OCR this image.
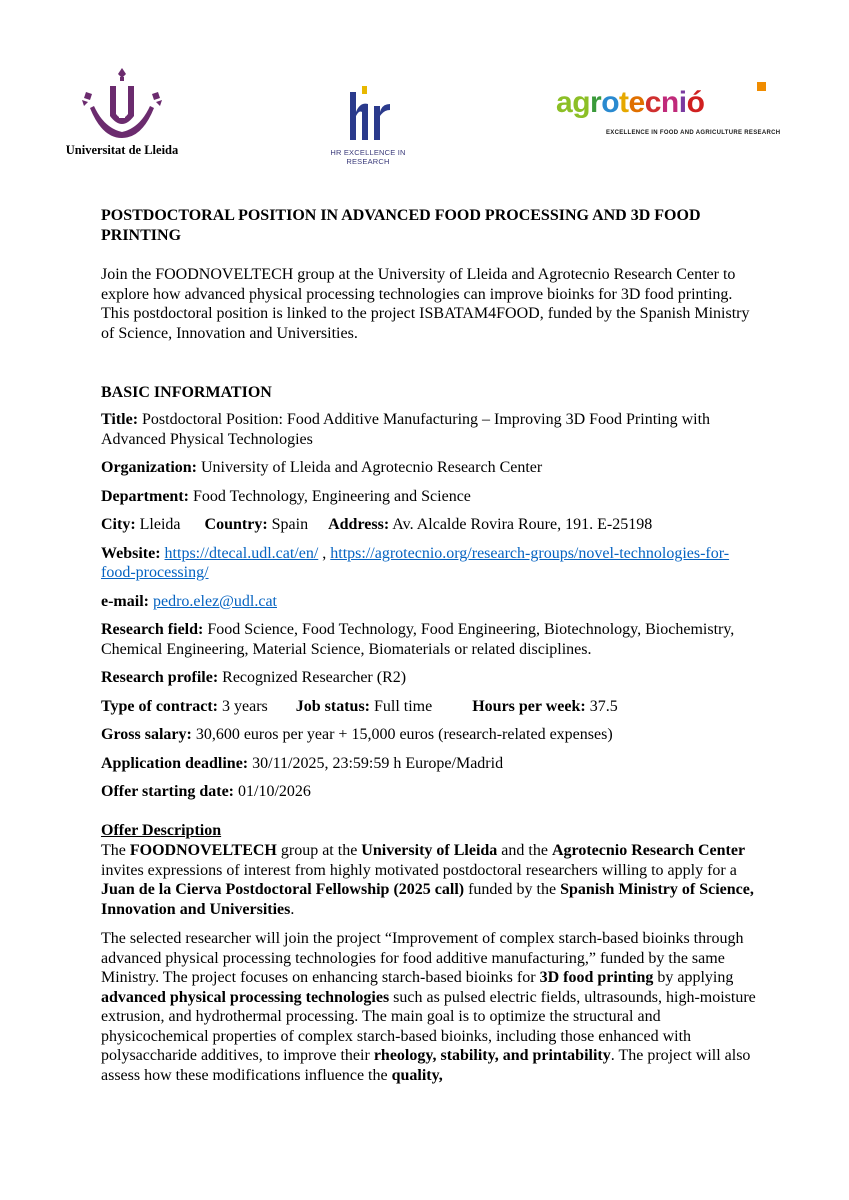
Universitat de Lleida	HR EXCELLENCE IN RESEARCH
agrotecnió
EXCELLENCE IN FOOD AND AGRICULTURE RESEARCH

POSTDOCTORAL POSITION IN ADVANCED FOOD PROCESSING AND 3D FOOD PRINTING

Join the FOODNOVELTECH group at the University of Lleida and Agrotecnio Research Center to explore how advanced physical processing technologies can improve bioinks for 3D food printing. This postdoctoral position is linked to the project ISBATAM4FOOD, funded by the Spanish Ministry of Science, Innovation and Universities.

BASIC INFORMATION

Title: Postdoctoral Position: Food Additive Manufacturing – Improving 3D Food Printing with Advanced Physical Technologies

Organization: University of Lleida and Agrotecnio Research Center

Department: Food Technology, Engineering and Science

City: Lleida Country: Spain Address: Av. Alcalde Rovira Roure, 191. E-25198

Website: https://dtecal.udl.cat/en/ , https://agrotecnio.org/research-groups/novel-technologies-for-food-processing/

e-mail: pedro.elez@udl.cat

Research field: Food Science, Food Technology, Food Engineering, Biotechnology, Biochemistry, Chemical Engineering, Material Science, Biomaterials or related disciplines.

Research profile: Recognized Researcher (R2)

Type of contract: 3 years Job status: Full time	Hours per week: 37.5

Gross salary: 30,600 euros per year + 15,000 euros (research-related expenses)

Application deadline: 30/11/2025, 23:59:59 h Europe/Madrid

Offer starting date: 01/10/2026

Offer Description

The FOODNOVELTECH group at the University of Lleida and the Agrotecnio Research Center invites expressions of interest from highly motivated postdoctoral researchers willing to apply for a Juan de la Cierva Postdoctoral Fellowship (2025 call) funded by the Spanish Ministry of Science, Innovation and Universities.

The selected researcher will join the project “Improvement of complex starch-based bioinks through advanced physical processing technologies for food additive manufacturing,” funded by the same Ministry. The project focuses on enhancing starch-based bioinks for 3D food printing by applying advanced physical processing technologies such as pulsed electric fields, ultrasounds, high-moisture extrusion, and hydrothermal processing. The main goal is to optimize the structural and physicochemical properties of complex starch-based bioinks, including those enhanced with polysaccharide additives, to improve their rheology, stability, and printability. The project will also assess how these modifications influence the quality,
